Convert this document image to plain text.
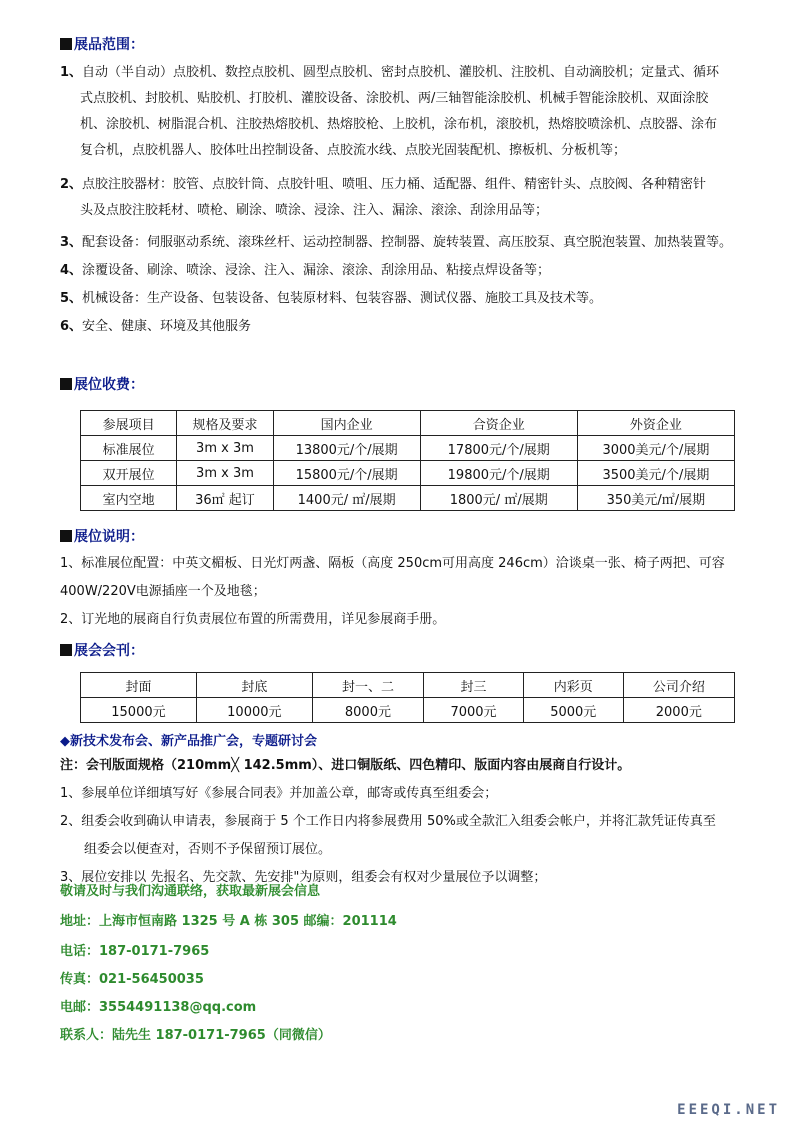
展品范围：
1、自动（半自动）点胶机、数控点胶机、圆型点胶机、密封点胶机、灌胶机、注胶机、自动滴胶机；定量式、循环
式点胶机、封胶机、贴胶机、打胶机、灌胶设备、涂胶机、两/三轴智能涂胶机、机械手智能涂胶机、双面涂胶
机、涂胶机、树脂混合机、注胶热熔胶机、热熔胶枪、上胶机，涂布机，滚胶机，热熔胶喷涂机、点胶器、涂布
复合机，点胶机器人、胶体吐出控制设备、点胶流水线、点胶光固装配机、擦板机、分板机等；
2、点胶注胶器材：胶管、点胶针筒、点胶针咀、喷咀、压力桶、适配器、组件、精密针头、点胶阀、各种精密针
头及点胶注胶耗材、喷枪、刷涂、喷涂、浸涂、注入、漏涂、滚涂、刮涂用品等；
3、配套设备：伺服驱动系统、滚珠丝杆、运动控制器、控制器、旋转装置、高压胶泵、真空脱泡装置、加热装置等。
4、涂覆设备、刷涂、喷涂、浸涂、注入、漏涂、滚涂、刮涂用品、粘接点焊设备等；
5、机械设备：生产设备、包装设备、包装原材料、包装容器、测试仪器、施胶工具及技术等。
6、安全、健康、环境及其他服务
展位收费：
参展项目	规格及要求	国内企业	合资企业	外资企业
标准展位	3m x 3m	13800元/个/展期	17800元/个/展期	3000美元/个/展期
双开展位	3m x 3m	15800元/个/展期	19800元/个/展期	3500美元/个/展期
室内空地	36㎡ 起订	1400元/ ㎡/展期	1800元/ ㎡/展期	350美元/㎡/展期
展位说明：
1、标准展位配置：中英文楣板、日光灯两盏、隔板（高度 250cm可用高度 246cm）洽谈桌一张、椅子两把、可容
400W/220V电源插座一个及地毯；
2、订光地的展商自行负责展位布置的所需费用，详见参展商手册。
展会会刊：
封面	封底	封一、二	封三	内彩页	公司介绍
15000元	10000元	8000元	7000元	5000元	2000元
◆新技术发布会、新产品推广会，专题研讨会
注：会刊版面规格（210mm╳ 142.5mm）、进口铜版纸、四色精印、版面内容由展商自行设计。
1、参展单位详细填写好《参展合同表》并加盖公章，邮寄或传真至组委会；
2、组委会收到确认申请表，参展商于 5 个工作日内将参展费用 50%或全款汇入组委会帐户，并将汇款凭证传真至
组委会以便查对，否则不予保留预订展位。
3、展位安排以 先报名、先交款、先安排"为原则，组委会有权对少量展位予以调整；
敬请及时与我们沟通联络，获取最新展会信息
地址：上海市恒南路 1325 号 A 栋 305 邮编：201114
电话：187-0171-7965
传真：021-56450035
电邮：3554491138@qq.com
联系人：陆先生 187-0171-7965（同微信）
EEEQI.NET
